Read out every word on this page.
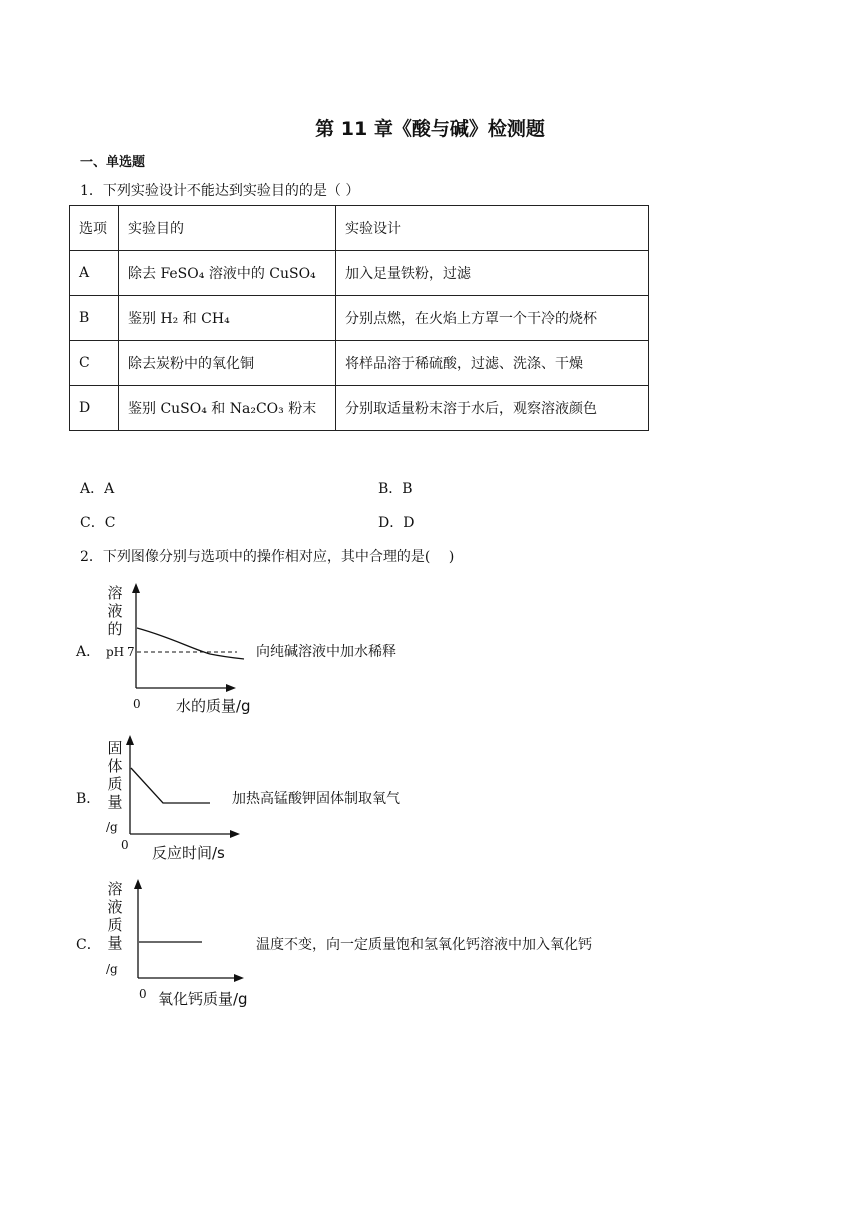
第 11 章《酸与碱》检测题
一、单选题
1．下列实验设计不能达到实验目的的是（ ）
选项	实验目的	实验设计
A	除去 FeSO₄ 溶液中的 CuSO₄	加入足量铁粉，过滤
B	鉴别 H₂ 和 CH₄	分别点燃，在火焰上方罩一个干冷的烧杯
C	除去炭粉中的氧化铜	将样品溶于稀硫酸，过滤、洗涤、干燥
D	鉴别 CuSO₄ 和 Na₂CO₃ 粉末	分别取适量粉末溶于水后，观察溶液颜色
A．A	B．B
C．C	D．D
2．下列图像分别与选项中的操作相对应，其中合理的是(　 )
A．
溶
液
的
pH 7
0 水的质量/g
向纯碱溶液中加水稀释
B．
固
体
质
量
/g
0 反应时间/s
加热高锰酸钾固体制取氧气
C．
溶
液
质
量
/g
0 氧化钙质量/g
温度不变，向一定质量饱和氢氧化钙溶液中加入氧化钙
